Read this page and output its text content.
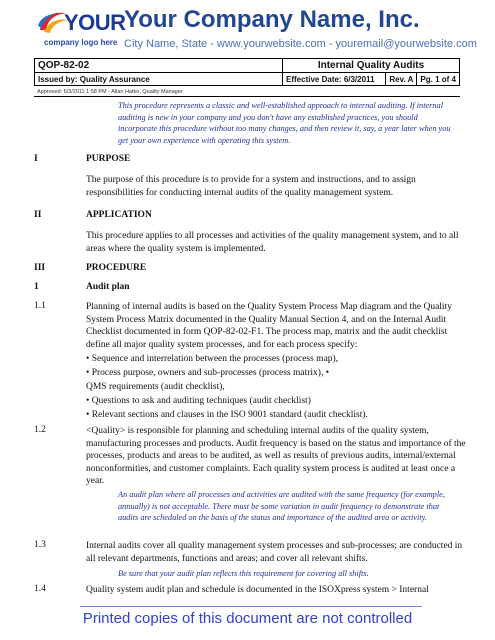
YOUR
company logo here
Your Company Name, Inc.
City Name, State - www.yourwebsite.com - youremail@yourwebsite.com
QOP-82-02	Internal Quality Audits		
Issued by: Quality Assurance	Effective Date: 6/3/2011	Rev. A	Pg. 1 of 4
Approved: 6/3/2011 1:58 PM - Allan Hatko, Quality Manager
This procedure represents a classic and well-established approach to internal auditing. If internal auditing is new in your company and you don't have any established practices, you should incorporate this procedure without too many changes, and then review it, say, a year later when you get your own experience with operating this system.
I	PURPOSE
The purpose of this procedure is to provide for a system and instructions, and to assign responsibilities for conducting internal audits of the quality management system.
II	APPLICATION
This procedure applies to all processes and activities of the quality management system, and to all areas where the quality system is implemented.
III	PROCEDURE
1	Audit plan
1.1	Planning of internal audits is based on the Quality System Process Map diagram and the Quality System Process Matrix documented in the Quality Manual Section 4, and on the Internal Audit Checklist documented in form QOP-82-02-F1. The process map, matrix and the audit checklist define all major quality system processes, and for each process specify:
• Sequence and interrelation between the processes (process map),
• Process purpose, owners and sub-processes (process matrix), •
QMS requirements (audit checklist),
• Questions to ask and auditing techniques (audit checklist)
• Relevant sections and clauses in the ISO 9001 standard (audit checklist).
1.2	<Quality> is responsible for planning and scheduling internal audits of the quality system, manufacturing processes and products. Audit frequency is based on the status and importance of the processes, products and areas to be audited, as well as results of previous audits, internal/external nonconformities, and customer complaints. Each quality system process is audited at least once a year.
An audit plan where all processes and activities are audited with the same frequency (for example, annually) is not acceptable. There must be some variation in audit frequency to demonstrate that audits are scheduled on the basis of the status and importance of the audited area or activity.
1.3	Internal audits cover all quality management system processes and sub-processes; are conducted in all relevant departments, functions and areas; and cover all relevant shifts.
Be sure that your audit plan reflects this requirement for covering all shifts.
1.4	Quality system audit plan and schedule is documented in the ISOXpress system > Internal
Printed copies of this document are not controlled
